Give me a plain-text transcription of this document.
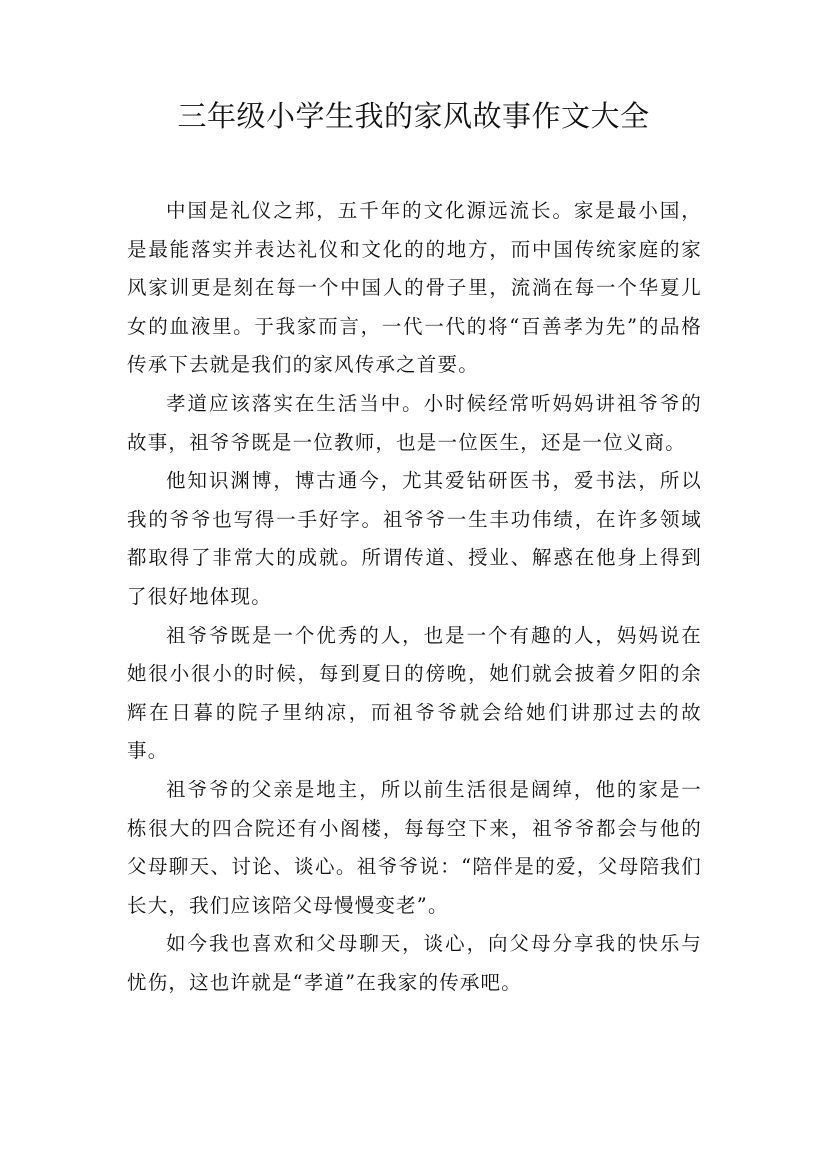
三年级小学生我的家风故事作文大全

中国是礼仪之邦，五千年的文化源远流长。家是最小国，是最能落实并表达礼仪和文化的的地方，而中国传统家庭的家风家训更是刻在每一个中国人的骨子里，流淌在每一个华夏儿女的血液里。于我家而言，一代一代的将“百善孝为先”的品格传承下去就是我们的家风传承之首要。

孝道应该落实在生活当中。小时候经常听妈妈讲祖爷爷的故事，祖爷爷既是一位教师，也是一位医生，还是一位义商。

他知识渊博，博古通今，尤其爱钻研医书，爱书法，所以我的爷爷也写得一手好字。祖爷爷一生丰功伟绩，在许多领域都取得了非常大的成就。所谓传道、授业、解惑在他身上得到了很好地体现。

祖爷爷既是一个优秀的人，也是一个有趣的人，妈妈说在她很小很小的时候，每到夏日的傍晚，她们就会披着夕阳的余辉在日暮的院子里纳凉，而祖爷爷就会给她们讲那过去的故事。

祖爷爷的父亲是地主，所以前生活很是阔绰，他的家是一栋很大的四合院还有小阁楼，每每空下来，祖爷爷都会与他的父母聊天、讨论、谈心。祖爷爷说：“陪伴是的爱，父母陪我们长大，我们应该陪父母慢慢变老”。

如今我也喜欢和父母聊天，谈心，向父母分享我的快乐与忧伤，这也许就是“孝道”在我家的传承吧。
